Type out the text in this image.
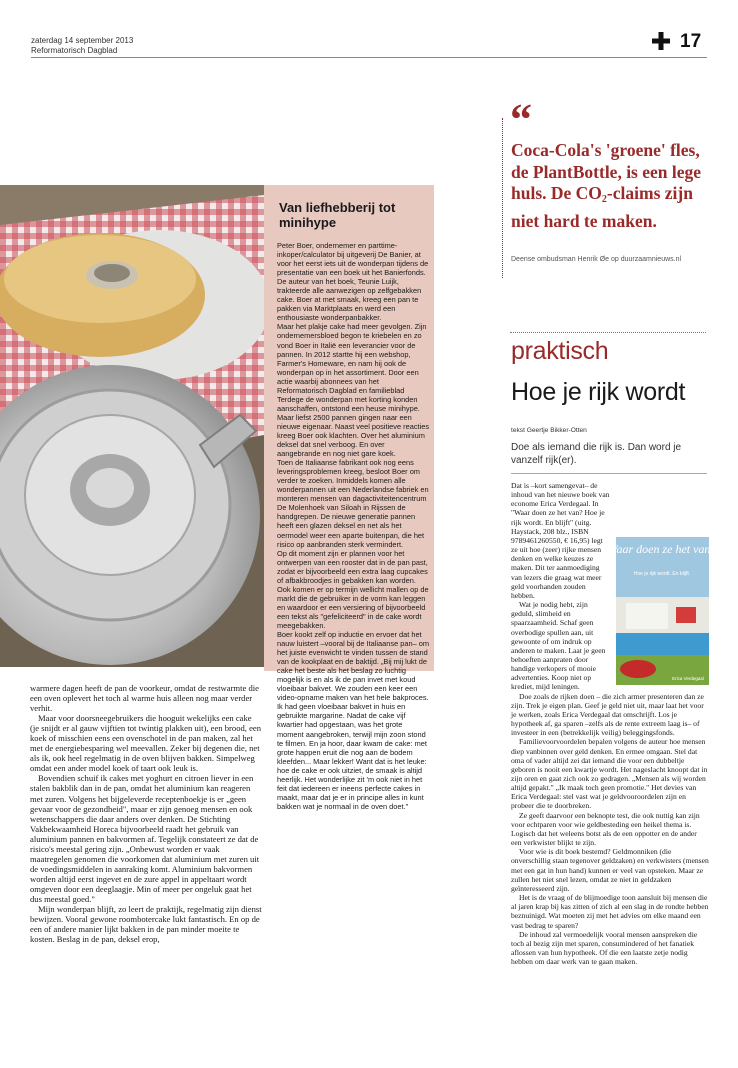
zaterdag 14 september 2013
Reformatorisch Dagblad	17
Van liefhebberij tot minihype

Peter Boer, ondernemer en parttime-inkoper/calculator bij uitgeverij De Banier, at voor het eerst iets uit de wonderpan tijdens de presentatie van een boek uit het Banierfonds. De auteur van het boek, Teunie Luijk, trakteerde alle aanwezigen op zelfgebakken cake. Boer at met smaak, kreeg een pan te pakken via Marktplaats en werd een enthousiaste wonderpanbakker.

Maar het plakje cake had meer gevolgen. Zijn ondernemersbloed begon te kriebelen en zo vond Boer in Italië een leverancier voor de pannen. In 2012 startte hij een webshop, Farmer's Homeware, en nam hij ook de wonderpan op in het assortiment. Door een actie waarbij abonnees van het Reformatorisch Dagblad en familieblad Terdege de wonderpan met korting konden aanschaffen, ontstond een heuse minihype. Maar liefst 2500 pannen gingen naar een nieuwe eigenaar. Naast veel positieve reacties kreeg Boer ook klachten. Over het aluminium deksel dat snel verboog. En over aangebrande en nog niet gare koek.

Toen de Italiaanse fabrikant ook nog eens leveringsproblemen kreeg, besloot Boer om verder te zoeken. Inmiddels komen alle wonderpannen uit een Nederlandse fabriek en monteren mensen van dagactiviteitencentrum De Molenhoek van Siloah in Rijssen de handgrepen. De nieuwe generatie pannen heeft een glazen deksel en net als het oermodel weer een aparte buitenpan, die het risico op aanbranden sterk vermindert.

Op dit moment zijn er plannen voor het ontwerpen van een rooster dat in de pan past, zodat er bijvoorbeeld een extra laag cupcakes of afbakbroodjes in gebakken kan worden. Ook komen er op termijn wellicht mallen op de markt die de gebruiker in de vorm kan leggen en waardoor er een versiering of bijvoorbeeld een tekst als "gefeliciteerd" in de cake wordt meegebakken.

Boer kookt zelf op inductie en ervoer dat het nauw luistert –vooral bij de Italiaanse pan– om het juiste evenwicht te vinden tussen de stand van de kookplaat en de baktijd. „Bij mij lukt de cake het beste als het beslag zo luchtig mogelijk is en als ik de pan invet met koud vloeibaar bakvet. We zouden een keer een video-opname maken van het hele bakproces. Ik had geen vloeibaar bakvet in huis en gebruikte margarine. Nadat de cake vijf kwartier had opgestaan, was het grote moment aangebroken, terwijl mijn zoon stond te filmen. En ja hoor, daar kwam de cake: met grote happen eruit die nog aan de bodem kleefden... Maar lekker! Want dat is het leuke: hoe de cake er ook uitziet, de smaak is altijd heerlijk. Het wonderlijke zit 'm ook niet in het feit dat iedereen er ineens perfecte cakes in maakt, maar dat je er in principe alles in kunt bakken wat je normaal in de oven doet."

warmere dagen heeft de pan de voorkeur, omdat de restwarmte die een oven oplevert het toch al warme huis alleen nog maar verder verhit.

Maar voor doorsneegebruikers die hooguit wekelijks een cake (je snijdt er al gauw vijftien tot twintig plakken uit), een brood, een koek of misschien eens een ovenschotel in de pan maken, zal het met de energiebesparing wel meevallen. Zeker bij degenen die, net als ik, ook heel regelmatig in de oven blijven bakken. Simpelweg omdat een ander model koek of taart ook leuk is.

Bovendien schuif ik cakes met yoghurt en citroen liever in een stalen bakblik dan in de pan, omdat het aluminium kan reageren met zuren. Volgens het bijgeleverde receptenboekje is er „geen gevaar voor de gezondheid", maar er zijn genoeg mensen en ook wetenschappers die daar anders over denken. De Stichting Vakbekwaamheid Horeca bijvoorbeeld raadt het gebruik van aluminium pannen en bakvormen af. Tegelijk constateert ze dat de risico's meestal gering zijn. „Onbewust worden er vaak maatregelen genomen die voorkomen dat aluminium met zuren uit de voedingsmiddelen in aanraking komt. Aluminium bakvormen worden altijd eerst ingevet en de zure appel in appeltaart wordt omgeven door een deeglaagje. Min of meer per ongeluk gaat het dus meestal goed."

Mijn wonderpan blijft, zo leert de praktijk, regelmatig zijn dienst bewijzen. Vooral gewone roombotercake lukt fantastisch. En op de een of andere manier lijkt bakken in de pan minder moeite te kosten. Beslag in de pan, deksel erop,

“
Coca-Cola's 'groene' fles, de PlantBottle, is een lege huls. De $CO_2$-claims zijn niet hard te maken.
Deense ombudsman Henrik Øe op duurzaamnieuws.nl
praktisch
Hoe je rijk wordt
tekst Geertje Bikker-Otten
Doe als iemand die rijk is. Dan word je vanzelf rijk(er).
Waar doen ze het van?
Hoe je rijk wordt. En blijft.
Erica Verdegaal

Dat is –kort samengevat– de inhoud van het nieuwe boek van econome Erica Verdegaal. In "Waar doen ze het van? Hoe je rijk wordt. En blijft" (uitg. Haystack, 208 blz., ISBN 9789461260550, € 16,95) legt ze uit hoe (zeer) rijke mensen denken en welke keuzes ze maken. Dit ter aanmoediging van lezers die graag wat meer geld voorhanden zouden hebben.

Wat je nodig hebt, zijn geduld, slimheid en spaarzaamheid. Schaf geen overbodige spullen aan, uit gewoonte of om indruk op anderen te maken. Laat je geen behoeften aanpraten door handige verkopers of mooie advertenties. Koop niet op krediet, mijd leningen.

Doe zoals de rijken doen – die zich armer presenteren dan ze zijn. Trek je eigen plan. Geef je geld niet uit, maar laat het voor je werken, zoals Erica Verdegaal dat omschrijft. Los je hypotheek af, ga sparen –zelfs als de rente extreem laag is– of investeer in een (betrekkelijk veilig) beleggingsfonds.

Familievoorvoordelen bepalen volgens de auteur hoe mensen diep vanbinnen over geld denken. En ermee omgaan. Stel dat oma of vader altijd zei dat iemand die voor een dubbeltje geboren is nooit een kwartje wordt. Het nageslacht knoopt dat in zijn oren en gaat zich ook zo gedragen. „Mensen als wij worden altijd gepakt." „Ik maak toch geen promotie." Het devies van Erica Verdegaal: stel vast wat je geldvooroordelen zijn en probeer die te doorbreken.

Ze geeft daarvoor een beknopte test, die ook nuttig kan zijn voor echtparen voor wie geldbesteding een heikel thema is. Logisch dat het weleens botst als de een oppotter en de ander een verkwister blijkt te zijn.

Voor wie is dit boek bestemd? Geldmonniken (die onverschillig staan tegenover geldzaken) en verkwisters (mensen met een gat in hun hand) kunnen er veel van opsteken. Maar ze zullen het niet snel lezen, omdat ze niet in geldzaken geïnteresseerd zijn.

Het is de vraag of de blijmoedige toon aansluit bij mensen die al jaren krap bij kas zitten of zich al een slag in de rondte hebben beznuinigd. Wat moeten zij met het advies om elke maand een vast bedrag te sparen?

De inhoud zal vermoedelijk vooral mensen aanspreken die toch al bezig zijn met sparen, consumindered of het fanatiek aflossen van hun hypotheek. Of die een laatste zetje nodig hebben om daar werk van te gaan maken.
